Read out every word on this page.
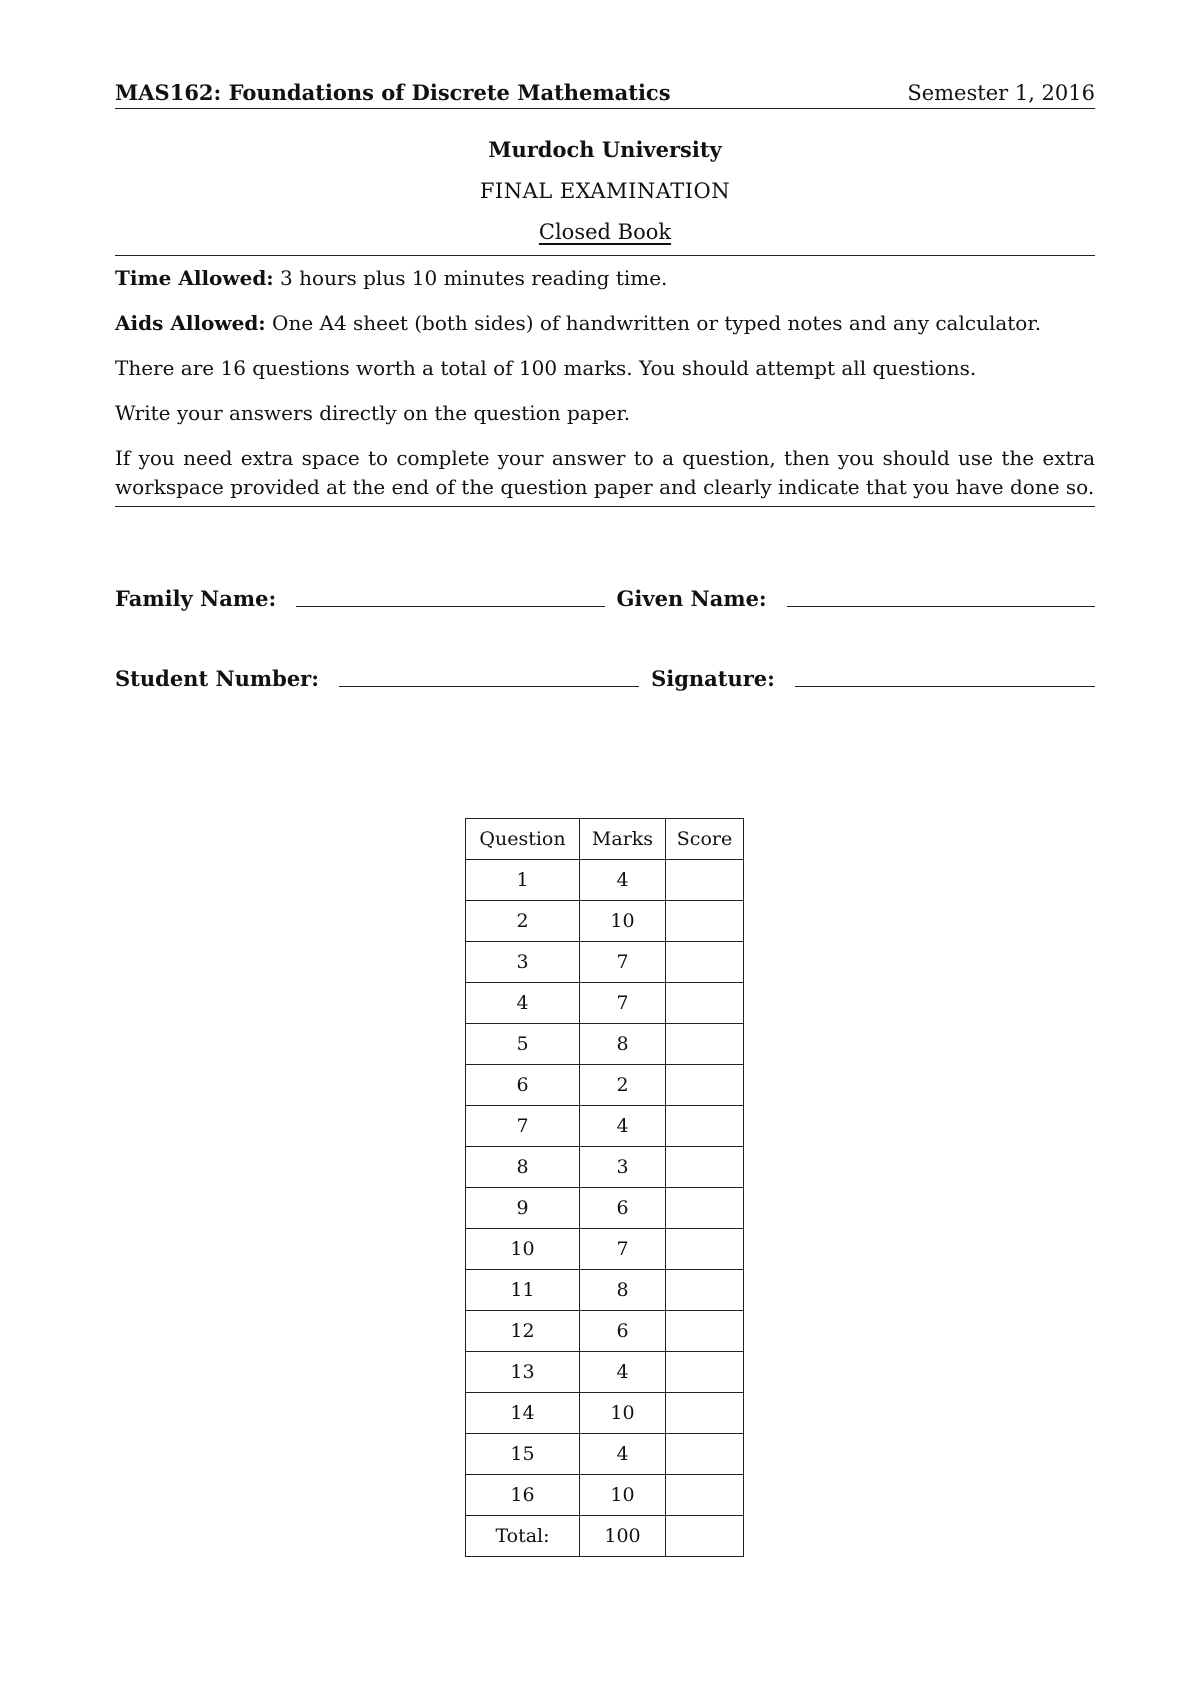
MAS162: Foundations of Discrete Mathematics	Semester 1, 2016
Murdoch University
FINAL EXAMINATION
Closed Book

Time Allowed: 3 hours plus 10 minutes reading time.

Aids Allowed: One A4 sheet (both sides) of handwritten or typed notes and any calculator.

There are 16 questions worth a total of 100 marks. You should attempt all questions.

Write your answers directly on the question paper.

If you need extra space to complete your answer to a question, then you should use the extra workspace provided at the end of the question paper and clearly indicate that you have done so.

Family Name:	Given Name:
Student Number:	Signature:
Question	Marks	Score
1	4	
2	10	
3	7	
4	7	
5	8	
6	2	
7	4	
8	3	
9	6	
10	7	
11	8	
12	6	
13	4	
14	10	
15	4	
16	10	
Total:	100	
